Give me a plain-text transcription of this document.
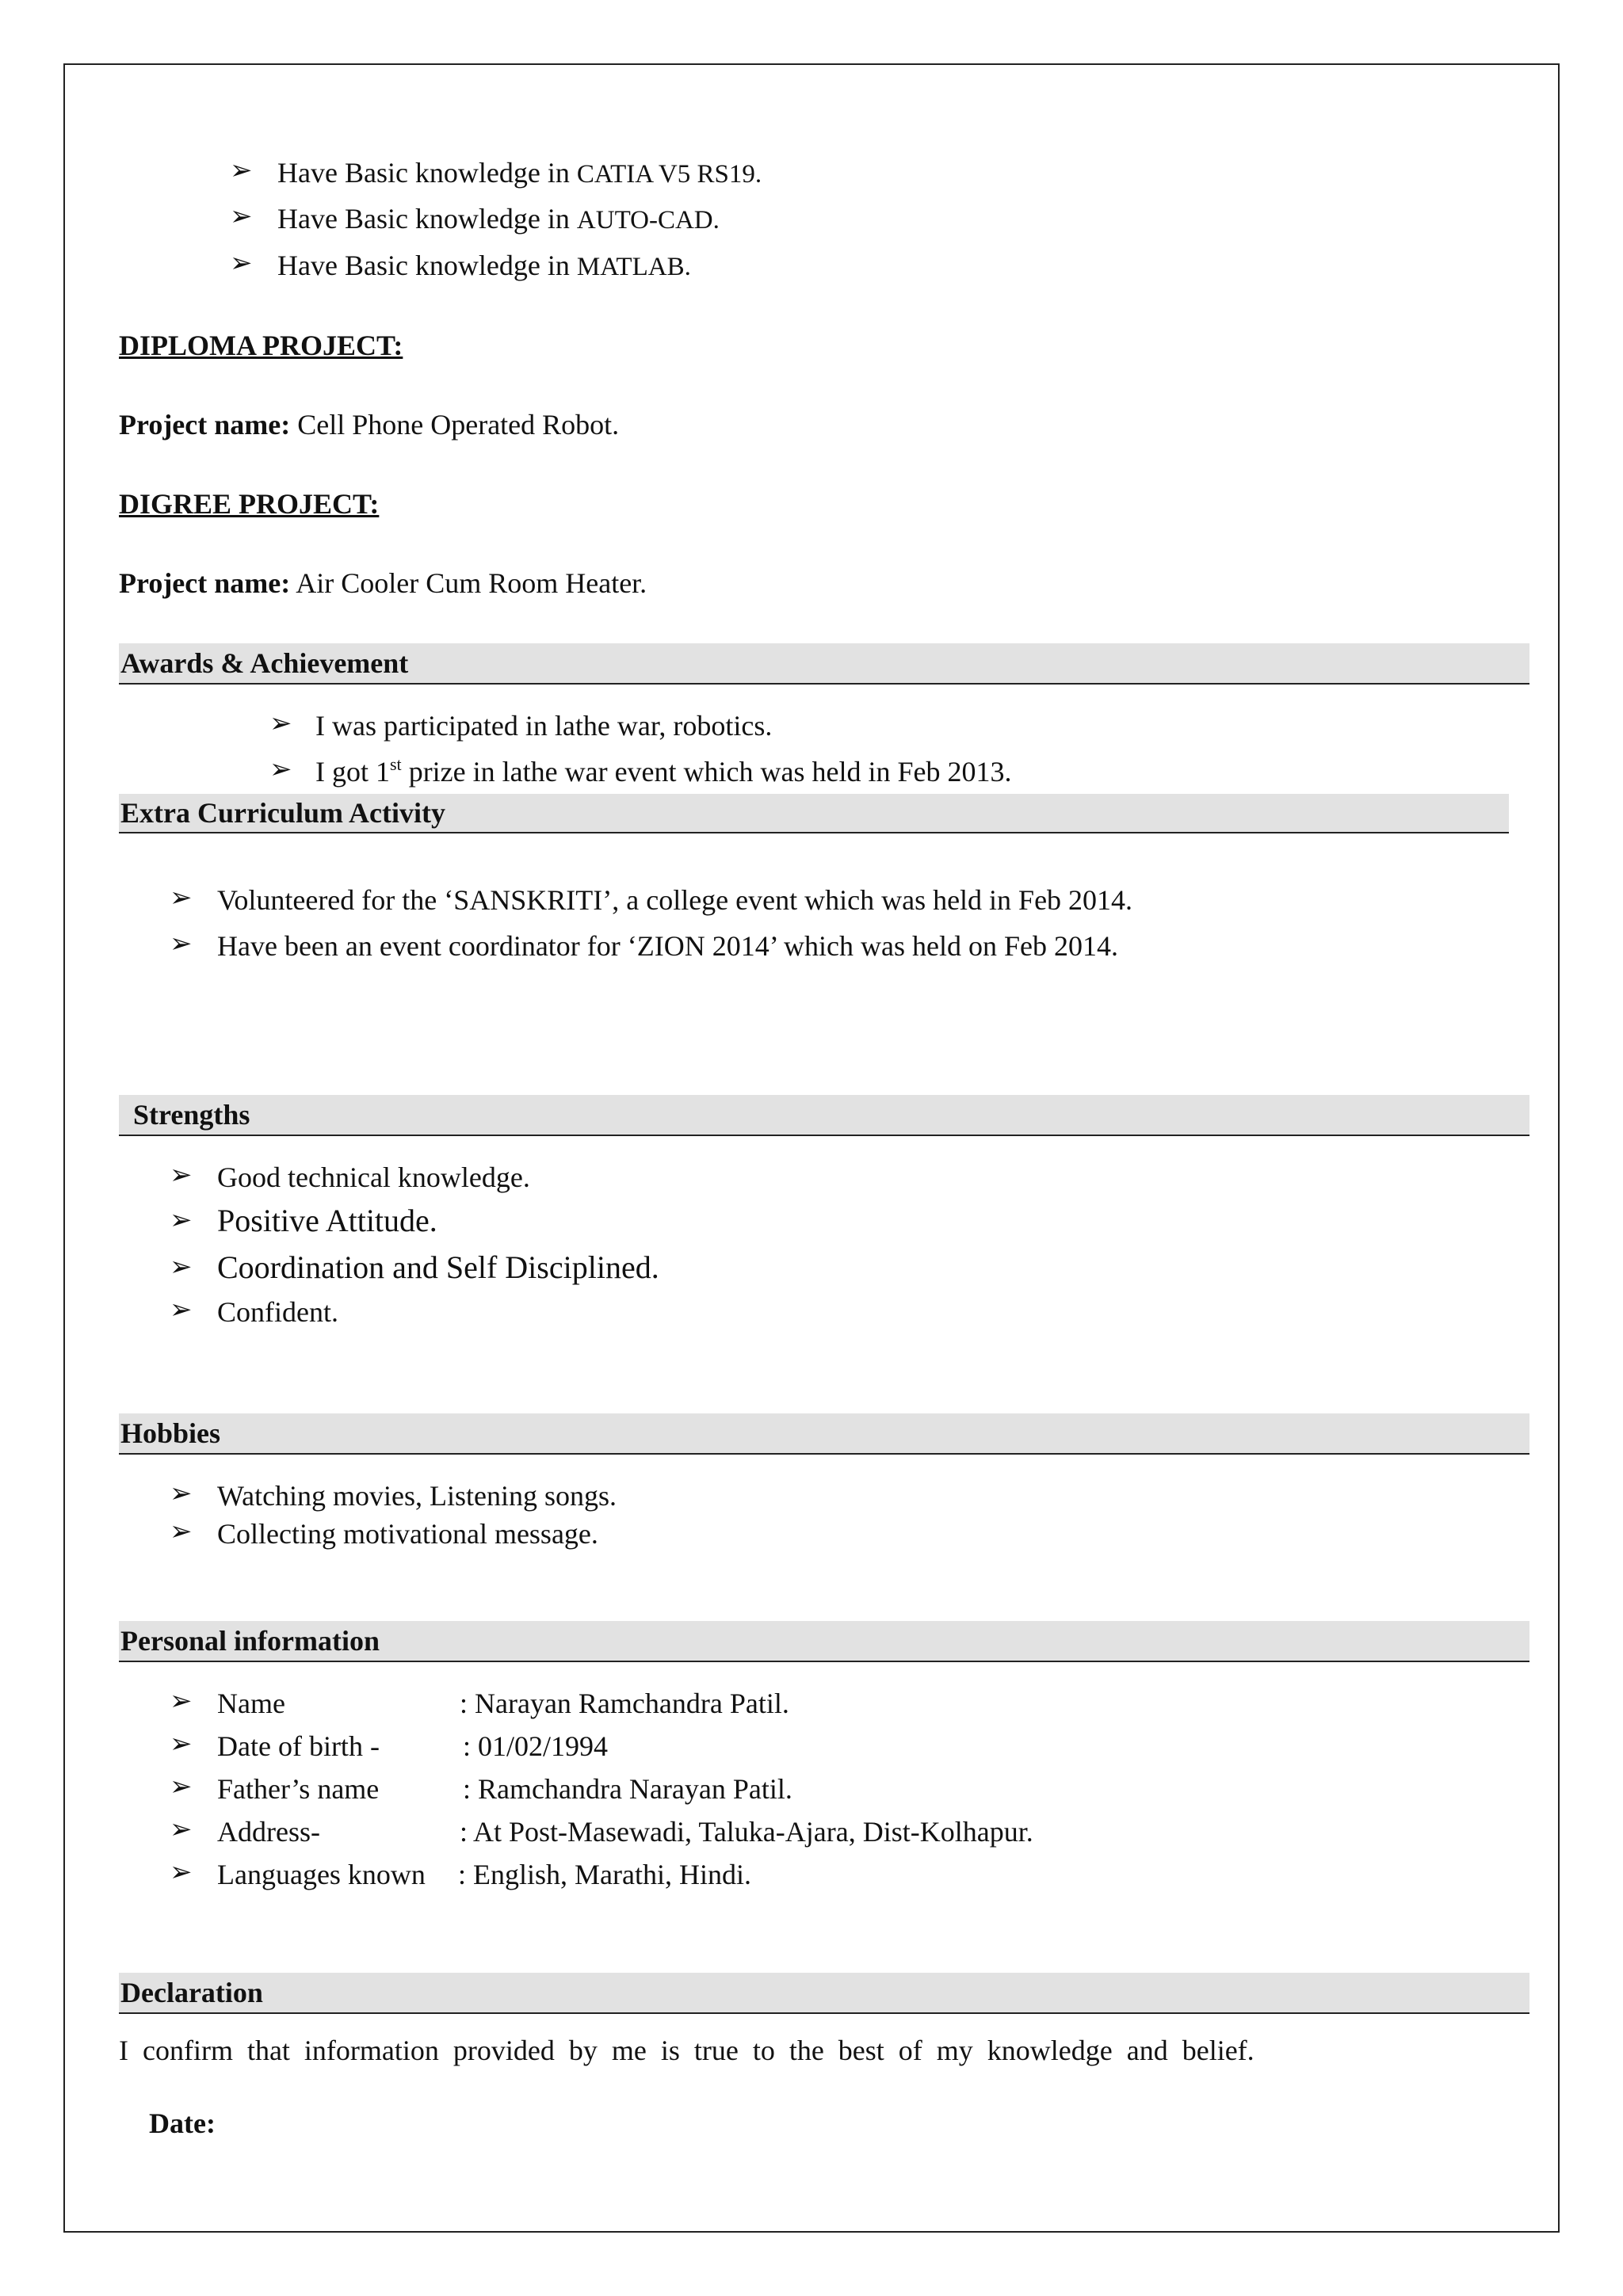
➢ Have Basic knowledge in CATIA V5 RS19.
➢ Have Basic knowledge in AUTO-CAD.
➢ Have Basic knowledge in MATLAB.
DIPLOMA PROJECT:
Project name: Cell Phone Operated Robot.
DIGREE PROJECT:
Project name: Air Cooler Cum Room Heater.
Awards & Achievement
➢ I was participated in lathe war, robotics.
➢ I got 1st prize in lathe war event which was held in Feb 2013.
Extra Curriculum Activity
➢ Volunteered for the ‘SANSKRITI’, a college event which was held in Feb 2014.
➢ Have been an event coordinator for ‘ZION 2014’ which was held on Feb 2014.
Strengths
➢ Good technical knowledge.
➢ Positive Attitude.
➢ Coordination and Self Disciplined.
➢ Confident.
Hobbies
➢ Watching movies, Listening songs.
➢ Collecting motivational message.
Personal information
➢ Name	: Narayan Ramchandra Patil.
➢ Date of birth -	: 01/02/1994
➢ Father’s name	: Ramchandra Narayan Patil.
➢ Address-	: At Post-Masewadi, Taluka-Ajara, Dist-Kolhapur.
➢ Languages known : English, Marathi, Hindi.
Declaration
I confirm that information provided by me is true to the best of my knowledge and belief.
Date:
